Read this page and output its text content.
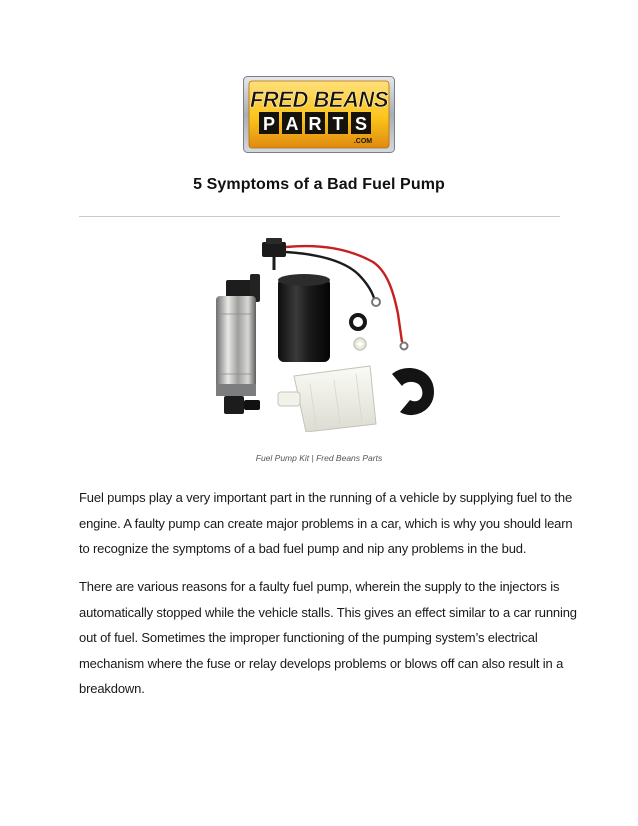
FRED BEANS
P A R T S
.COM
5 Symptoms of a Bad Fuel Pump
Fuel Pump Kit | Fred Beans Parts

Fuel pumps play a very important part in the running of a vehicle by supplying fuel to the engine. A faulty pump can create major problems in a car, which is why you should learn to recognize the symptoms of a bad fuel pump and nip any problems in the bud.

There are various reasons for a faulty fuel pump, wherein the supply to the injectors is automatically stopped while the vehicle stalls. This gives an effect similar to a car running out of fuel. Sometimes the improper functioning of the pumping system’s electrical mechanism where the fuse or relay develops problems or blows off can also result in a breakdown.
